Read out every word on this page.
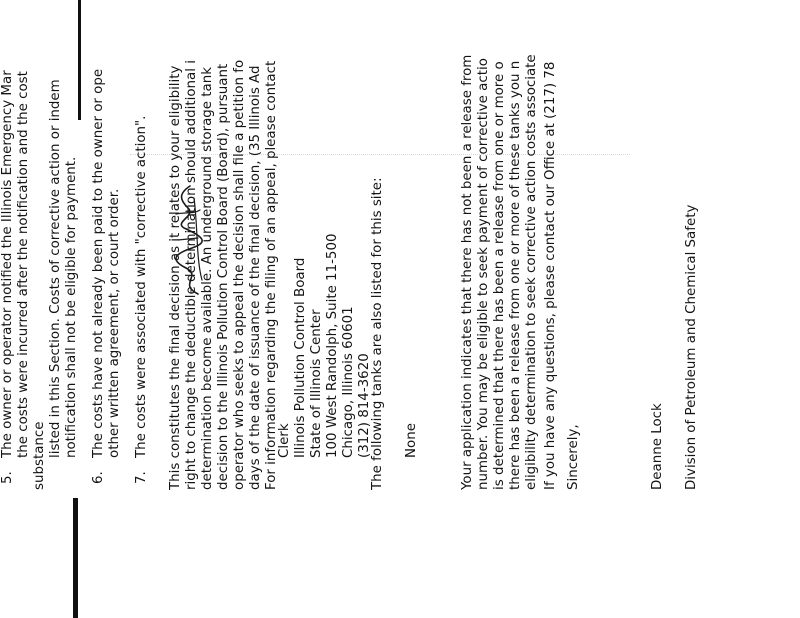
5.
The owner or operator notified the Illinois Emergency Mar the costs were incurred after the notification and the cost substance listed in this Section. Costs of corrective action or indem notification shall not be eligible for payment.
6.
The costs have not already been paid to the owner or ope other written agreement, or court order.
7.
The costs were associated with "corrective action". This constitutes the final decision as it relates to your eligibility right to change the deductible determination should additional i determination become available. An underground storage tank decision to the Illinois Pollution Control Board (Board), pursuant operator who seeks to appeal the decision shall file a petition fo days of the date of issuance of the final decision, (35 Illinois Ad For information regarding the filing of an appeal, please contact
Clerk Illinois Pollution Control Board State of Illinois Center 100 West Randolph, Suite 11-500 Chicago, Illinois 60601 (312) 814-3620
The following tanks are also listed for this site: None	Your application indicates that there has not been a release from number. You may be eligible to seek payment of corrective actio is determined that there has been a release from one or more o there has been a release from one or more of these tanks you n eligibility determination to seek corrective action costs associate If you have any questions, please contact our Office at (217) 78 Sincerely,	Deanne Lock Division of Petroleum and Chemical Safety
